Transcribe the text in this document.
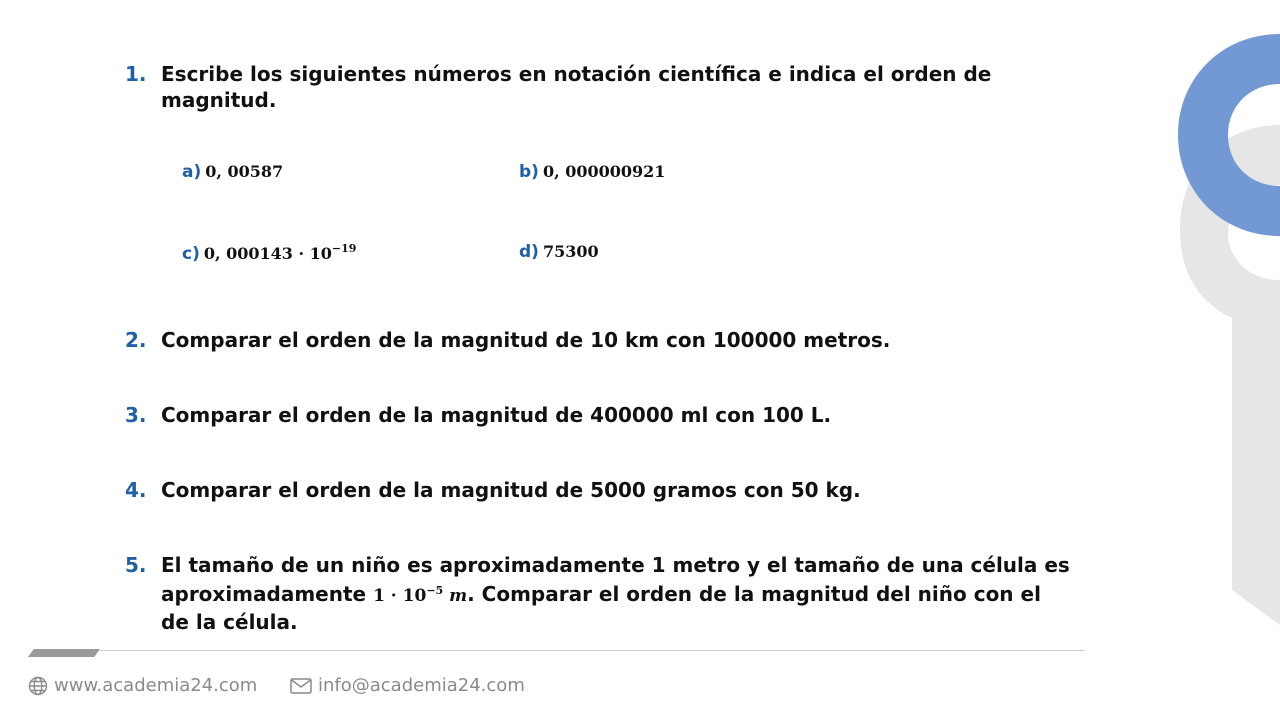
1. Escribe los siguientes números en notación científica e indica el orden de magnitud.
a) 0, 00587	b) 0, 000000921
c) 0, $000143 \cdot 10^{-19}$	d) 75300
2. Comparar el orden de la magnitud de 10 km con 100000 metros.
3. Comparar el orden de la magnitud de 400000 ml con 100 L.
4. Comparar el orden de la magnitud de 5000 gramos con 50 kg.
5. El tamaño de un niño es aproximadamente 1 metro y el tamaño de una célula es aproximadamente $1 \cdot 10^{-5}$ m. Comparar el orden de la magnitud del niño con el de la célula.
www.academia24.com	info@academia24.com
